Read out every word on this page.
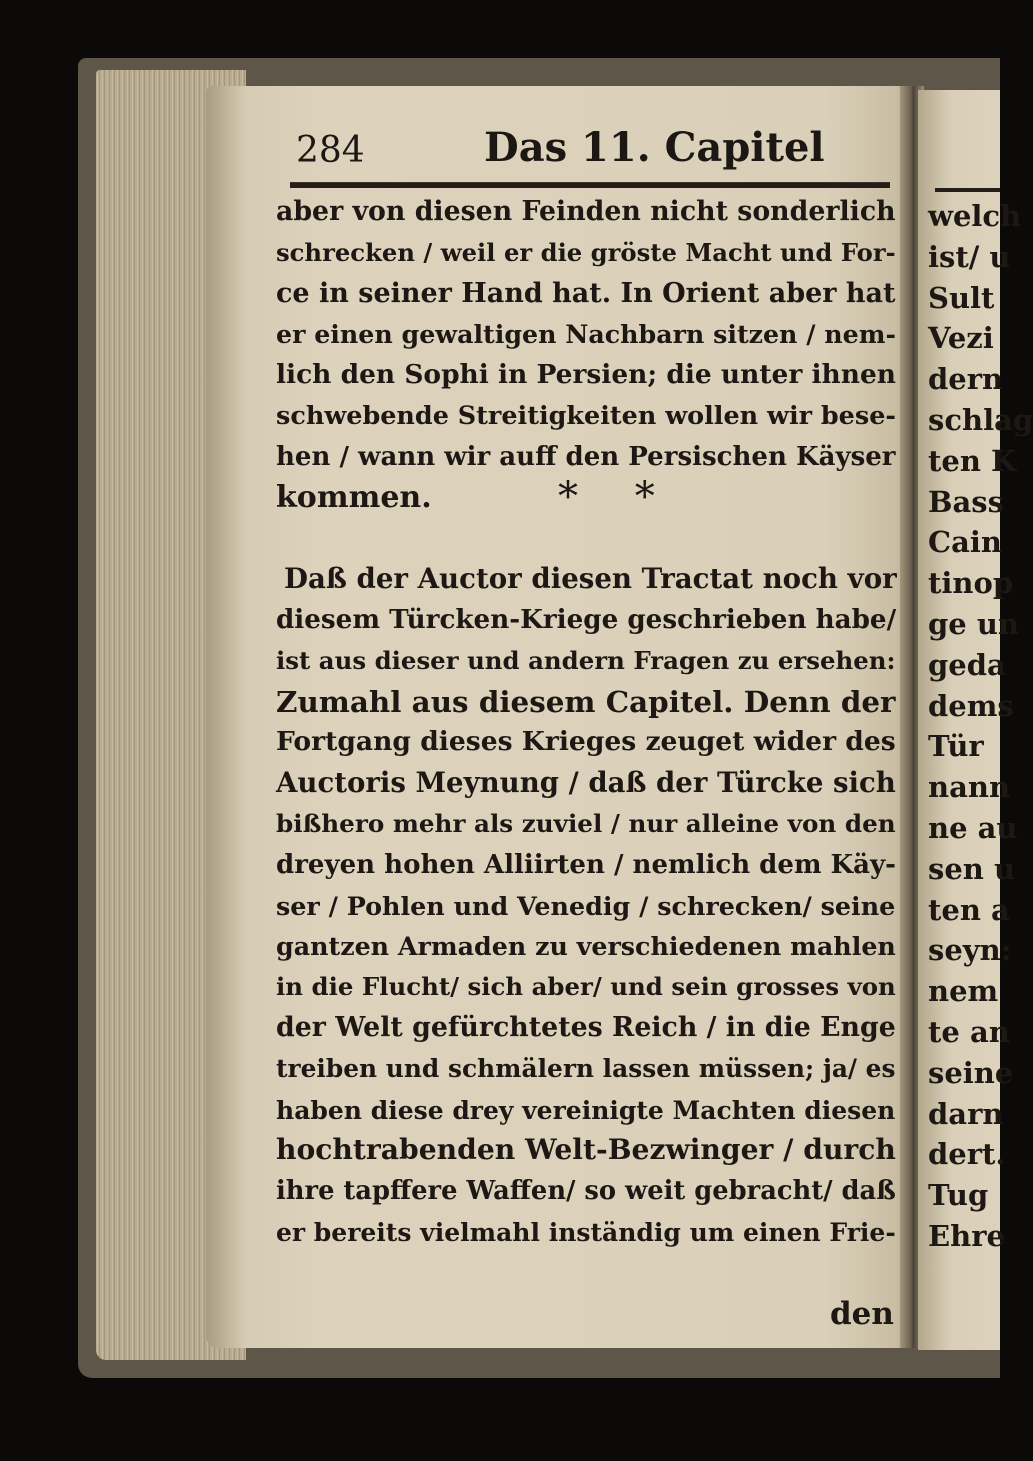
284	Das 11. Capitel
aber von diesen Feinden nicht sonderlich
schrecken / weil er die gröste Macht und For-
ce in seiner Hand hat. In Orient aber hat
er einen gewaltigen Nachbarn sitzen / nem-
lich den Sophi in Persien; die unter ihnen
schwebende Streitigkeiten wollen wir bese-
hen / wann wir auff den Persischen Käyser
kommen.
Daß der Auctor diesen Tractat noch vor
diesem Türcken-Kriege geschrieben habe/
ist aus dieser und andern Fragen zu ersehen:
Zumahl aus diesem Capitel. Denn der
Fortgang dieses Krieges zeuget wider des
Auctoris Meynung / daß der Türcke sich
bißhero mehr als zuviel / nur alleine von den
dreyen hohen Alliirten / nemlich dem Käy-
ser / Pohlen und Venedig / schrecken/ seine
gantzen Armaden zu verschiedenen mahlen
in die Flucht/ sich aber/ und sein grosses von
der Welt gefürchtetes Reich / in die Enge
treiben und schmälern lassen müssen; ja/ es
haben diese drey vereinigte Machten diesen
hochtrabenden Welt-Bezwinger / durch
ihre tapffere Waffen/ so weit gebracht/ daß
er bereits vielmahl inständig um einen Frie-
* *
den
welch
ist/ u
Sult
Vezi
dern
schlag
ten K
Bass
Cain
tinop
ge un
geda
dems
Tür
nann
ne au
sen u
ten a
seyn:
nem
te an
seine
darn
dert.
Tug
Ehre
